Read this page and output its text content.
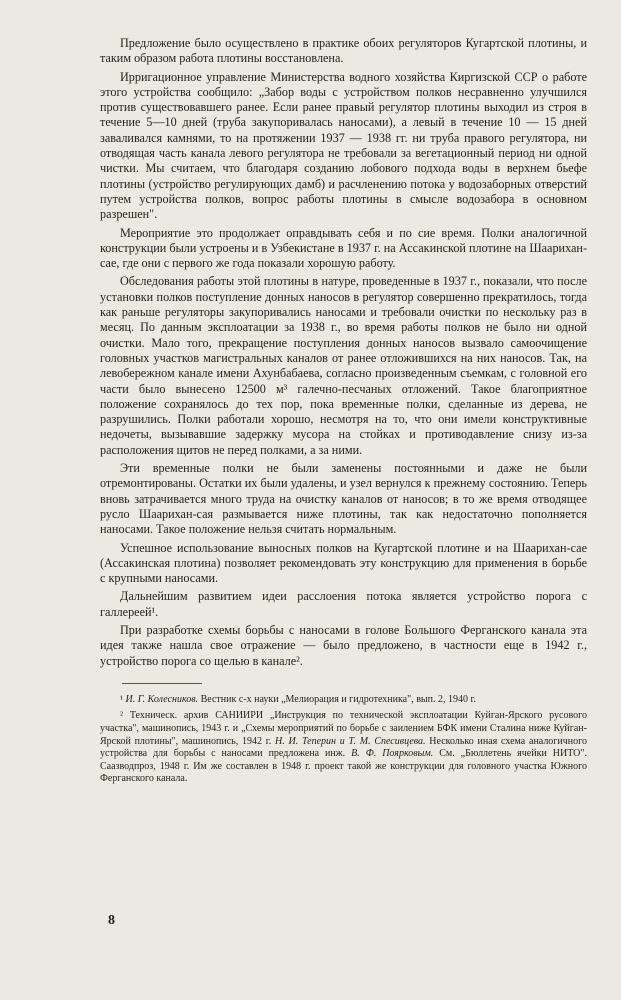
Предложение было осуществлено в практике обоих регуляторов Кугартской плотины, и таким образом работа плотины восстановлена.

Ирригационное управление Министерства водного хозяйства Киргизской ССР о работе этого устройства сообщило: „Забор воды с устройством полков несравненно улучшился против существовавшего ранее. Если ранее правый регулятор плотины выходил из строя в течение 5—10 дней (труба закупоривалась наносами), а левый в течение 10 — 15 дней заваливался камнями, то на протяжении 1937 — 1938 гг. ни труба правого регулятора, ни отводящая часть канала левого регулятора не требовали за вегетационный период ни одной чистки. Мы считаем, что благодаря созданию лобового подхода воды в верхнем бьефе плотины (устройство регулирующих дамб) и расчленению потока у водозаборных отверстий путем устройства полков, вопрос работы плотины в смысле водозабора в основном разрешен".

Мероприятие это продолжает оправдывать себя и по сие время. Полки аналогичной конструкции были устроены и в Узбекистане в 1937 г. на Ассакинской плотине на Шаарихан-сае, где они с первого же года показали хорошую работу.

Обследования работы этой плотины в натуре, проведенные в 1937 г., показали, что после установки полков поступление донных наносов в регулятор совершенно прекратилось, тогда как раньше регуляторы закупоривались наносами и требовали очистки по нескольку раз в месяц. По данным эксплоатации за 1938 г., во время работы полков не было ни одной очистки. Мало того, прекращение поступления донных наносов вызвало самоочищение головных участков магистральных каналов от ранее отложившихся на них наносов. Так, на левобережном канале имени Ахунбабаева, согласно произведенным съемкам, с головной его части было вынесено 12500 м³ галечно-песчаных отложений. Такое благоприятное положение сохранялось до тех пор, пока временные полки, сделанные из дерева, не разрушились. Полки работали хорошо, несмотря на то, что они имели конструктивные недочеты, вызывавшие задержку мусора на стойках и противодавление снизу из-за расположения щитов не перед полками, а за ними.

Эти временные полки не были заменены постоянными и даже не были отремонтированы. Остатки их были удалены, и узел вернулся к прежнему состоянию. Теперь вновь затрачивается много труда на очистку каналов от наносов; в то же время отводящее русло Шаарихан-сая размывается ниже плотины, так как недостаточно пополняется наносами. Такое положение нельзя считать нормальным.

Успешное использование выносных полков на Кугартской плотине и на Шаарихан-сае (Ассакинская плотина) позволяет рекомендовать эту конструкцию для применения в борьбе с крупными наносами.

Дальнейшим развитием идеи расслоения потока является устройство порога с галлереей¹.

При разработке схемы борьбы с наносами в голове Большого Ферганского канала эта идея также нашла свое отражение — было предложено, в частности еще в 1942 г., устройство порога со щелью в канале².

¹ И. Г. Колесников. Вестник с-х науки „Мелиорация и гидротехника", вып. 2, 1940 г.

² Техническ. архив САНИИРИ „Инструкция по технической эксплоатации Куйган-Ярского русового участка", машинопись, 1943 г. и „Схемы мероприятий по борьбе с заилением БФК имени Сталина ниже Куйган-Ярской плотины", машинопись, 1942 г. Н. И. Теперин и Т. М. Спесивцева. Несколько иная схема аналогичного устройства для борьбы с наносами предложена инж. В. Ф. Поярковым. См. „Бюллетень ячейки НИТО". Саазводпроз, 1948 г. Им же составлен в 1948 г. проект такой же конструкции для головного участка Южного Ферганского канала.

8
